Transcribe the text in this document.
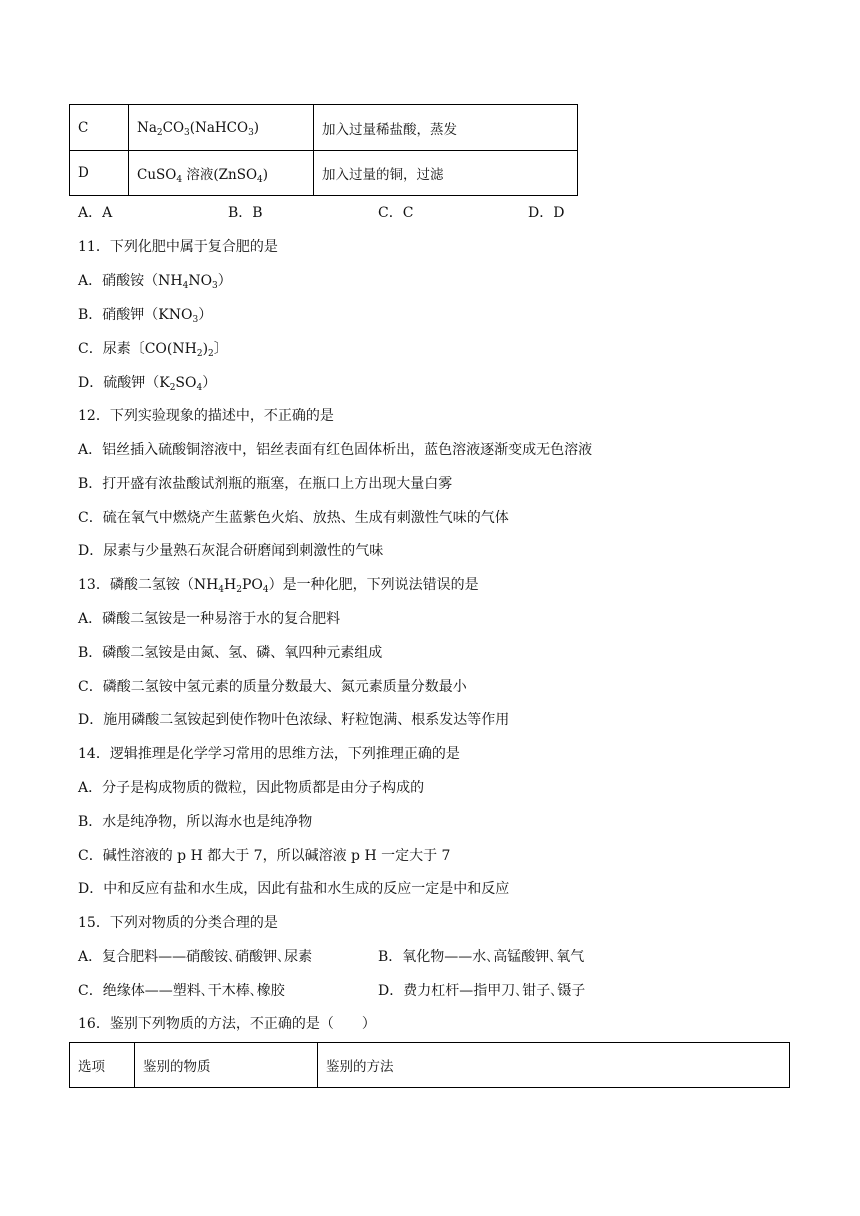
C	$Na_2CO_3(NaHCO_3)$	加入过量稀盐酸，蒸发
D	CuSO$_4$ 溶液(ZnSO$_4$)	加入过量的铜，过滤
A．A	B．B	C．C	D．D
11．下列化肥中属于复合肥的是
A．硝酸铵$(NH_4NO_3)$
B．硝酸钾$(KNO_3)$
C．尿素〔$CO(NH_2)_2$〕
D．硫酸钾$(K_2SO_4)$
12．下列实验现象的描述中，不正确的是
A．铝丝插入硫酸铜溶液中，铝丝表面有红色固体析出，蓝色溶液逐渐变成无色溶液
B．打开盛有浓盐酸试剂瓶的瓶塞，在瓶口上方出现大量白雾
C．硫在氧气中燃烧产生蓝紫色火焰、放热、生成有刺激性气味的气体
D．尿素与少量熟石灰混合研磨闻到刺激性的气味
13．磷酸二氢铵$(NH_4H_2PO_4)$是一种化肥，下列说法错误的是
A．磷酸二氢铵是一种易溶于水的复合肥料
B．磷酸二氢铵是由氮、氢、磷、氧四种元素组成
C．磷酸二氢铵中氢元素的质量分数最大、氮元素质量分数最小
D．施用磷酸二氢铵起到使作物叶色浓绿、籽粒饱满、根系发达等作用
14．逻辑推理是化学学习常用的思维方法，下列推理正确的是
A．分子是构成物质的微粒，因此物质都是由分子构成的
B．水是纯净物，所以海水也是纯净物
C．碱性溶液的 p H 都大于 7，所以碱溶液 p H 一定大于 7
D．中和反应有盐和水生成，因此有盐和水生成的反应一定是中和反应
15．下列对物质的分类合理的是
A．复合肥料——硝酸铵､硝酸钾､尿素	B．氧化物——水､高锰酸钾､氧气
C．绝缘体——塑料､干木棒､橡胶	D．费力杠杆—指甲刀､钳子､镊子
16．鉴别下列物质的方法，不正确的是（　　）
选项	鉴别的物质	鉴别的方法
